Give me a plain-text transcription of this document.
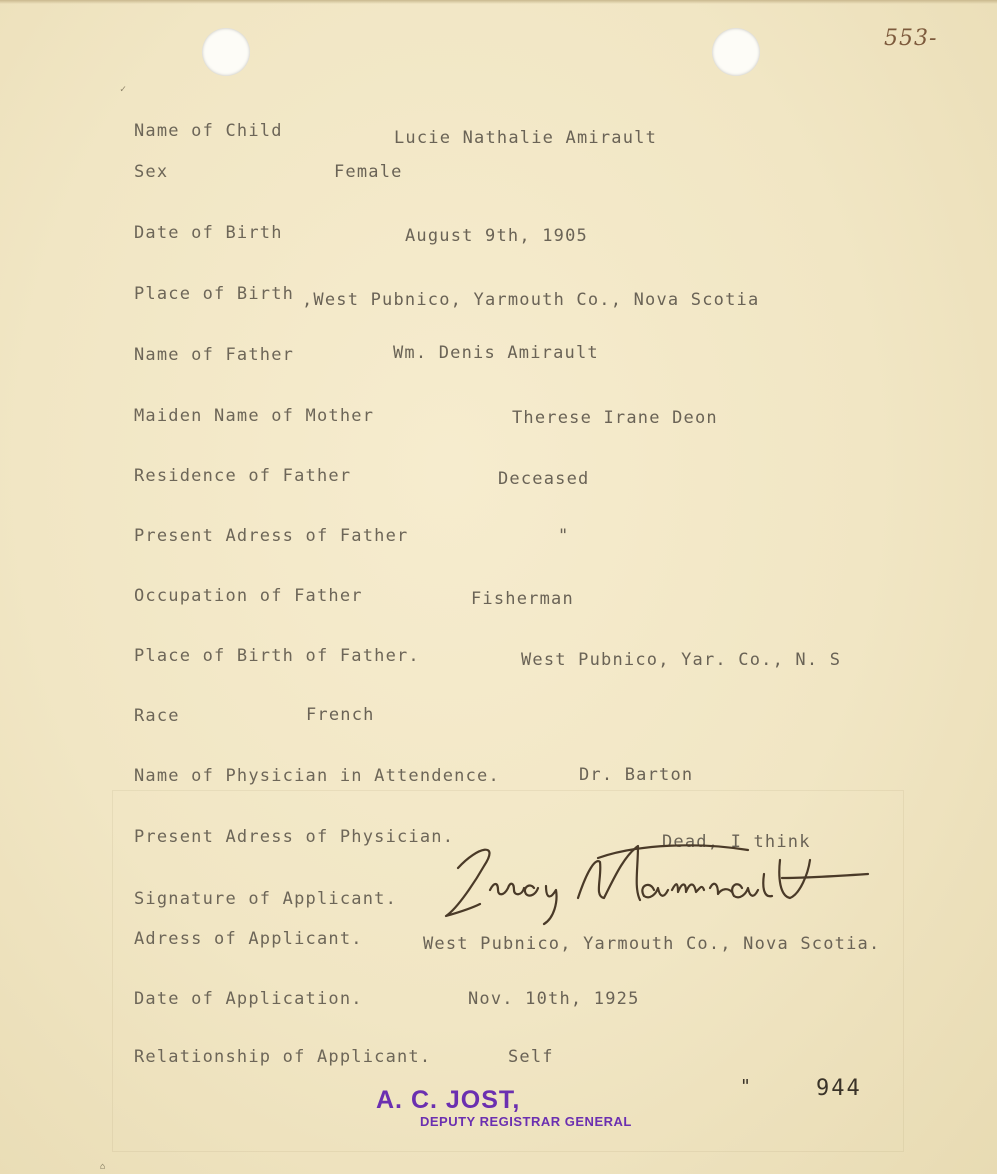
553-
✓
Name of Child	Lucie Nathalie Amirault
Sex	Female
Date of Birth	August 9th, 1905
Place of Birth ,West Pubnico, Yarmouth Co., Nova Scotia
Name of Father	Wm. Denis Amirault
Maiden Name of Mother	Therese Irane Deon
Residence of Father	Deceased
Present Adress of Father	"
Occupation of Father	Fisherman
Place of Birth of Father.	West Pubnico, Yar. Co., N. S
Race	French
Name of Physician in Attendence.	Dr. Barton
Present Adress of Physician.	Dead, I think
Signature of Applicant.
Adress of Applicant.	West Pubnico, Yarmouth Co., Nova Scotia.
Date of Application.	Nov. 10th, 1925
Relationship of Applicant.	Self
A. C. JOST,
DEPUTY REGISTRAR GENERAL
"	944
⌂
